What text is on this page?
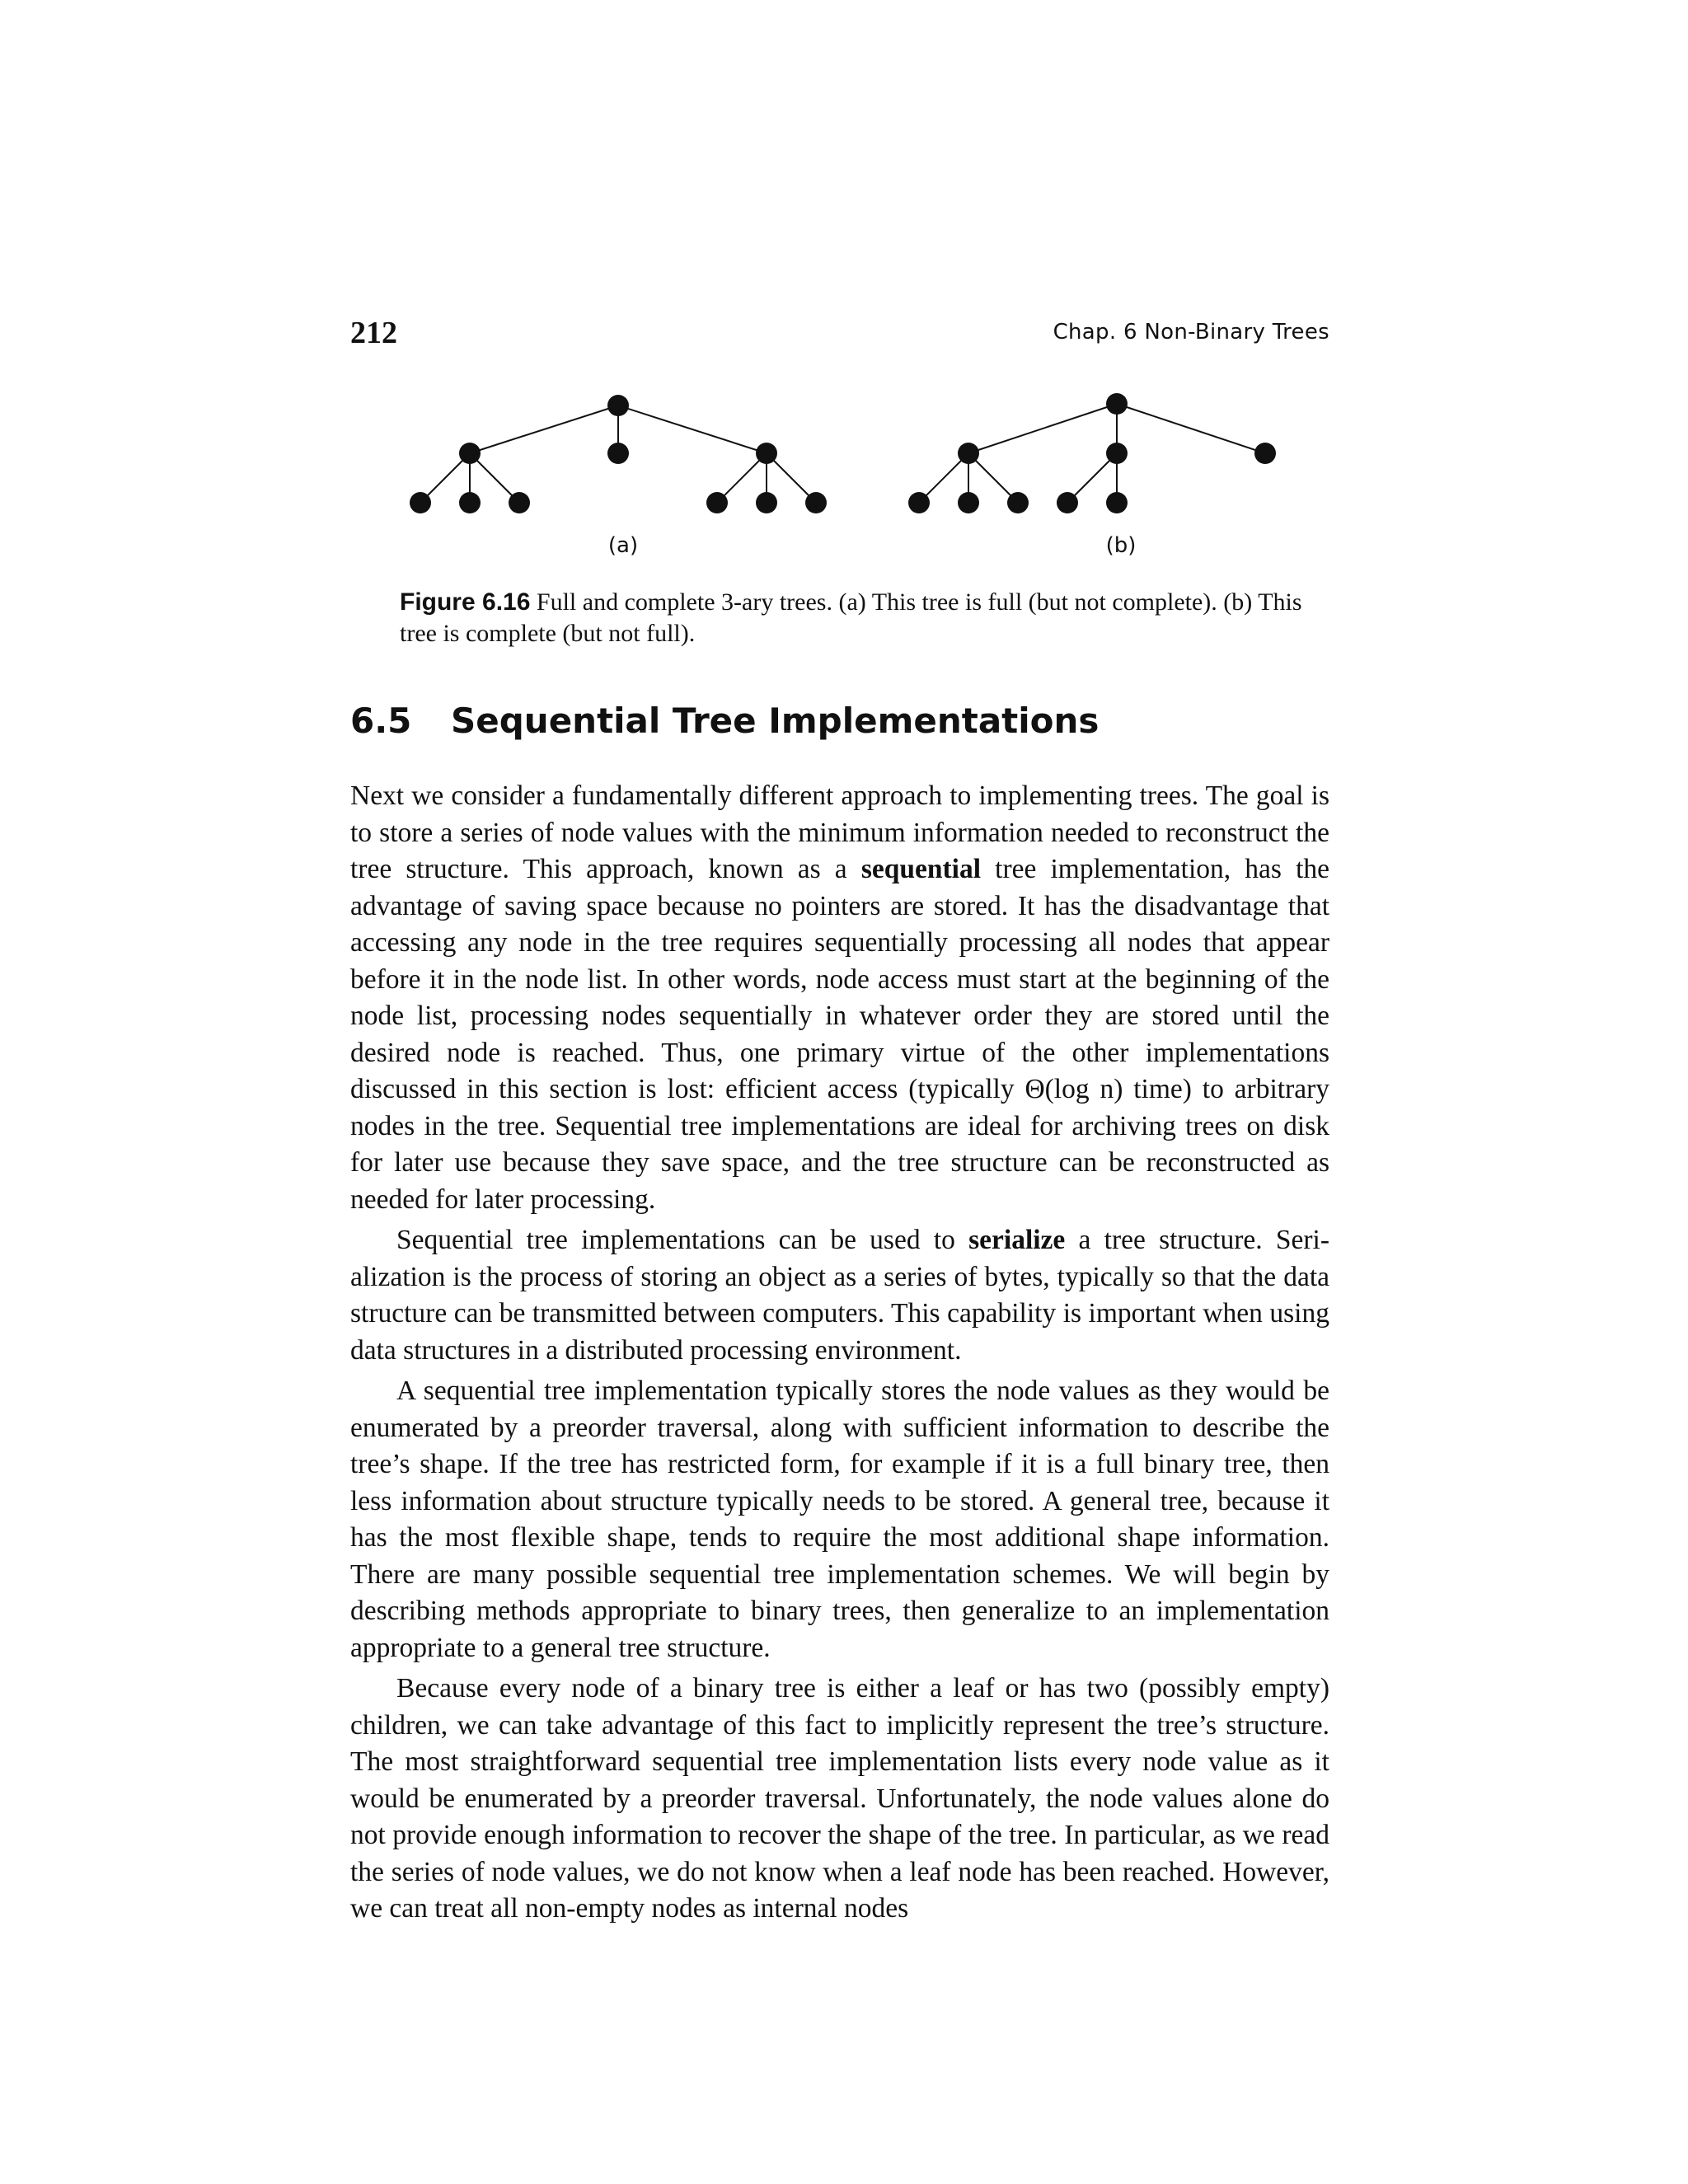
212	Chap. 6 Non-Binary Trees
(a)	(b)
Figure 6.16 Full and complete 3-ary trees. (a) This tree is full (but not complete). (b) This tree is complete (but not full).
6.5 Sequential Tree Implementations

Next we consider a fundamentally different approach to implementing trees. The goal is to store a series of node values with the minimum information needed to reconstruct the tree structure. This approach, known as a sequential tree implementation, has the advantage of saving space because no pointers are stored. It has the disadvantage that accessing any node in the tree requires sequentially processing all nodes that appear before it in the node list. In other words, node access must start at the beginning of the node list, processing nodes sequentially in whatever order they are stored until the desired node is reached. Thus, one primary virtue of the other implementations discussed in this section is lost: efficient access (typically Θ(log n) time) to arbitrary nodes in the tree. Sequential tree implementations are ideal for archiving trees on disk for later use because they save space, and the tree structure can be reconstructed as needed for later processing.

Sequential tree implementations can be used to serialize a tree structure. Serialization is the process of storing an object as a series of bytes, typically so that the data structure can be transmitted between computers. This capability is important when using data structures in a distributed processing environment.

A sequential tree implementation typically stores the node values as they would be enumerated by a preorder traversal, along with sufficient information to describe the tree’s shape. If the tree has restricted form, for example if it is a full binary tree, then less information about structure typically needs to be stored. A general tree, because it has the most flexible shape, tends to require the most additional shape information. There are many possible sequential tree implementation schemes. We will begin by describing methods appropriate to binary trees, then generalize to an implementation appropriate to a general tree structure.

Because every node of a binary tree is either a leaf or has two (possibly empty) children, we can take advantage of this fact to implicitly represent the tree’s structure. The most straightforward sequential tree implementation lists every node value as it would be enumerated by a preorder traversal. Unfortunately, the node values alone do not provide enough information to recover the shape of the tree. In particular, as we read the series of node values, we do not know when a leaf node has been reached. However, we can treat all non-empty nodes as internal nodes
